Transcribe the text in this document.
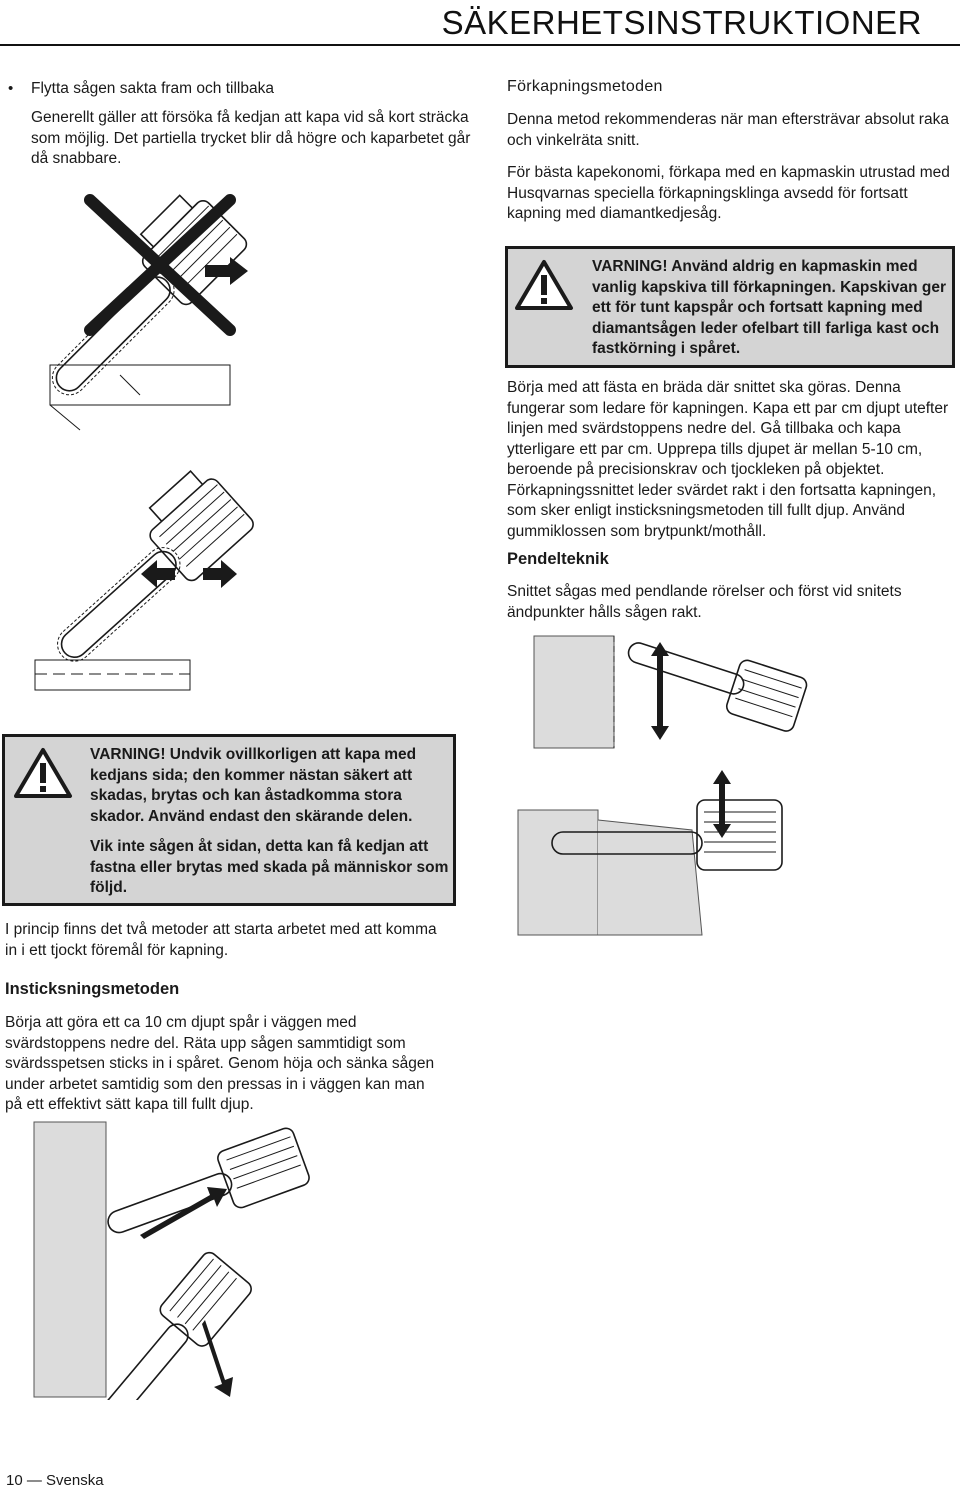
SÄKERHETSINSTRUKTIONER
• Flytta sågen sakta fram och tillbaka
Generellt gäller att försöka få kedjan att kapa vid så kort sträcka som möjlig. Det partiella trycket blir då högre och kaparbetet går då snabbare.
VARNING! Undvik ovillkorligen att kapa med kedjans sida; den kommer nästan säkert att skadas, brytas och kan åstadkomma stora skador. Använd endast den skärande delen.
Vik inte sågen åt sidan, detta kan få kedjan att fastna eller brytas med skada på människor som följd.
I princip finns det två metoder att starta arbetet med att komma in i ett tjockt föremål för kapning.
Insticksningsmetoden
Börja att göra ett ca 10 cm djupt spår i väggen med svärdstoppens nedre del. Räta upp sågen sammtidigt som svärdsspetsen sticks in i spåret. Genom höja och sänka sågen under arbetet samtidig som den pressas in i väggen kan man på ett effektivt sätt kapa till fullt djup.
Förkapningsmetoden
Denna metod rekommenderas när man eftersträvar absolut raka och vinkelräta snitt.
För bästa kapekonomi, förkapa med en kapmaskin utrustad med Husqvarnas speciella förkapningsklinga avsedd för fortsatt kapning med diamantkedjesåg.
VARNING! Använd aldrig en kapmaskin med vanlig kapskiva till förkapningen. Kapskivan ger ett för tunt kapspår och fortsatt kapning med diamantsågen leder ofelbart till farliga kast och fastkörning i spåret.
Börja med att fästa en bräda där snittet ska göras. Denna fungerar som ledare för kapningen. Kapa ett par cm djupt utefter linjen med svärdstoppens nedre del. Gå tillbaka och kapa ytterligare ett par cm. Upprepa tills djupet är mellan 5-10 cm, beroende på precisionskrav och tjockleken på objektet. Förkapningssnittet leder svärdet rakt i den fortsatta kapningen, som sker enligt insticksningsmetoden till fullt djup. Använd gummiklossen som brytpunkt/mothåll.
Pendelteknik
Snittet sågas med pendlande rörelser och först vid snitets ändpunkter hålls sågen rakt.
10 — Svenska
